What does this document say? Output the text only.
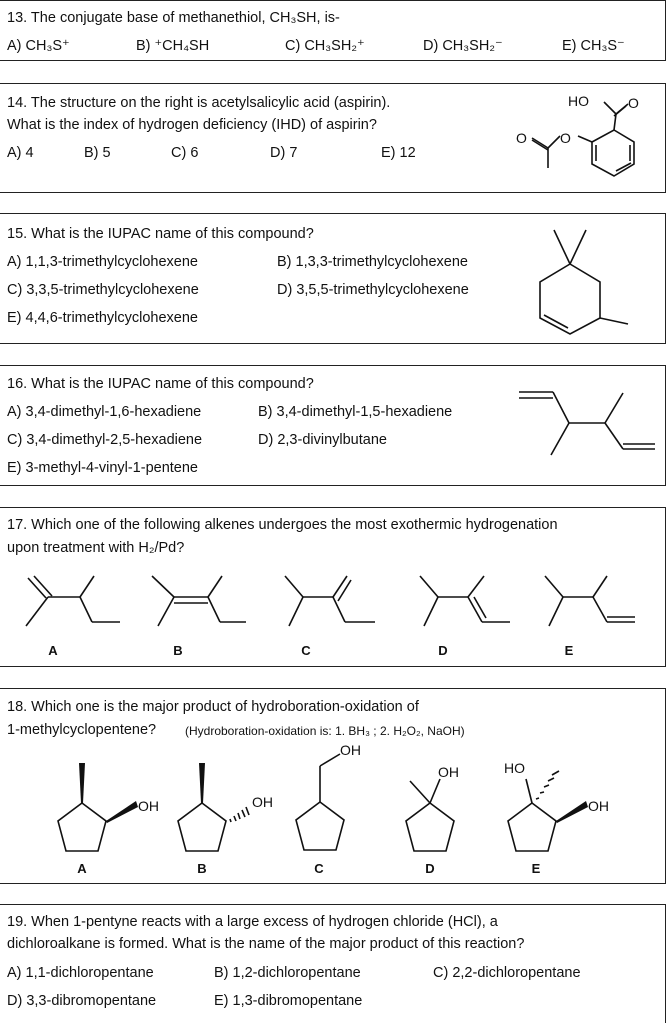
13. The conjugate base of methanethiol, CH₃SH, is-
A) CH₃S⁺	B) ⁺CH₄SH	C) CH₃SH₂⁺	D) CH₃SH₂⁻	E) CH₃S⁻
14. The structure on the right is acetylsalicylic acid (aspirin).
What is the index of hydrogen deficiency (IHD) of aspirin?
A) 4	B) 5	C) 6	D) 7	E) 12
HO	O
O
O
15. What is the IUPAC name of this compound?
A) 1,1,3-trimethylcyclohexene	B) 1,3,3-trimethylcyclohexene
C) 3,3,5-trimethylcyclohexene	D) 3,5,5-trimethylcyclohexene
E) 4,4,6-trimethylcyclohexene
16. What is the IUPAC name of this compound?
A) 3,4-dimethyl-1,6-hexadiene	B) 3,4-dimethyl-1,5-hexadiene
C) 3,4-dimethyl-2,5-hexadiene	D) 2,3-divinylbutane
E) 3-methyl-4-vinyl-1-pentene
17. Which one of the following alkenes undergoes the most exothermic hydrogenation
upon treatment with H₂/Pd?
A	B	C	D	E
18. Which one is the major product of hydroboration-oxidation of
1-methylcyclopentene? (Hydroboration-oxidation is: 1. BH₃ ; 2. H₂O₂, NaOH)
OH	OH
OH
OH	HO
OH
A	B	C	D	E
19. When 1-pentyne reacts with a large excess of hydrogen chloride (HCl), a
dichloroalkane is formed. What is the name of the major product of this reaction?
A) 1,1-dichloropentane	B) 1,2-dichloropentane	C) 2,2-dichloropentane
D) 3,3-dibromopentane	E) 1,3-dibromopentane
